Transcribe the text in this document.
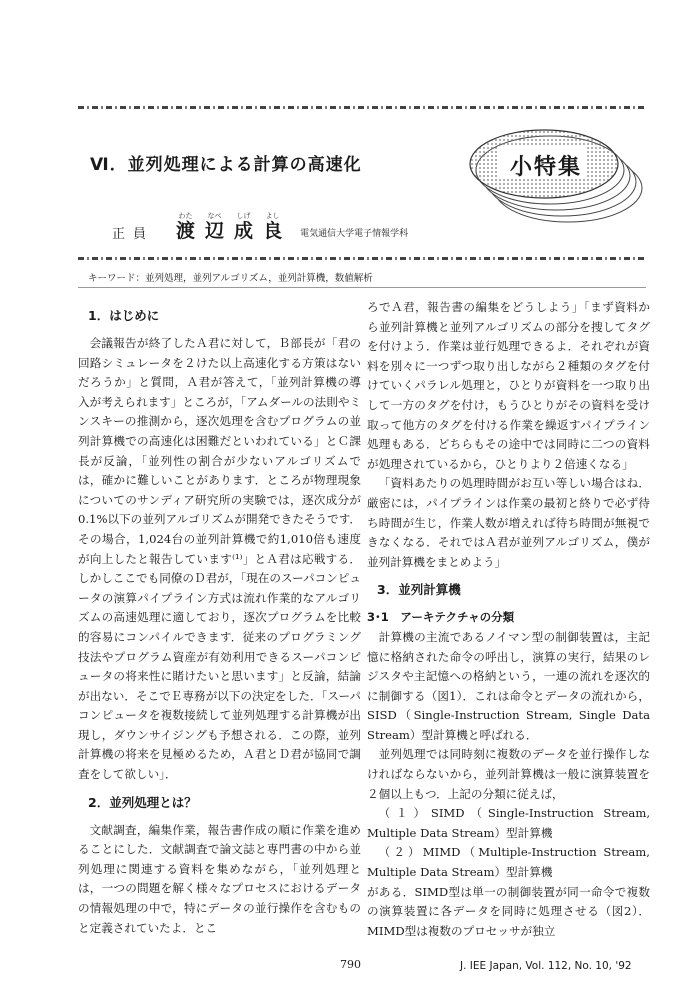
Ⅵ．並列処理による計算の高速化	小特集
正員
わた
渡
なべ
辺
しげ
成
よし
良 電気通信大学電子情報学科
キーワード：並列処理，並列アルゴリズム，並列計算機，数値解析
1．はじめに

会議報告が終了したＡ君に対して，Ｂ部長が「君の回路シミュレータを２けた以上高速化する方策はないだろうか」と質問，Ａ君が答えて，「並列計算機の導入が考えられます」ところが，「アムダールの法則やミンスキーの推測から，逐次処理を含むプログラムの並列計算機での高速化は困難だといわれている」とＣ課長が反論，「並列性の割合が少ないアルゴリズムでは，確かに難しいことがあります．ところが物理現象についてのサンディア研究所の実験では，逐次成分が0.1%以下の並列アルゴリズムが開発できたそうです．その場合，1,024台の並列計算機で約1,010倍も速度が向上したと報告しています⁽¹⁾」とＡ君は応戦する．しかしここでも同僚のＤ君が，「現在のスーパコンピュータの演算パイプライン方式は流れ作業的なアルゴリズムの高速処理に適しており，逐次プログラムを比較的容易にコンパイルできます．従来のプログラミング技法やプログラム資産が有効利用できるスーパコンピュータの将来性に賭けたいと思います」と反論，結論が出ない．そこでＥ専務が以下の決定をした．「スーパコンピュータを複数接続して並列処理する計算機が出現し，ダウンサイジングも予想される．この際，並列計算機の将来を見極めるため，Ａ君とＤ君が協同で調査をして欲しい」．

2．並列処理とは？

文献調査，編集作業，報告書作成の順に作業を進めることにした．文献調査で論文誌と専門書の中から並列処理に関連する資料を集めながら，「並列処理とは，一つの問題を解く様々なプロセスにおけるデータの情報処理の中で，特にデータの並行操作を含むものと定義されていたよ．とこ

ろでＡ君，報告書の編集をどうしよう」「まず資料から並列計算機と並列アルゴリズムの部分を捜してタグを付けよう．作業は並行処理できるよ．それぞれが資料を別々に一つずつ取り出しながら２種類のタグを付けていくパラレル処理と，ひとりが資料を一つ取り出して一方のタグを付け，もうひとりがその資料を受け取って他方のタグを付ける作業を繰返すパイプライン処理もある．どちらもその途中では同時に二つの資料が処理されているから，ひとりより２倍速くなる」

「資料あたりの処理時間がお互い等しい場合はね．厳密には，パイプラインは作業の最初と終りで必ず待ち時間が生じ，作業人数が増えれば待ち時間が無視できなくなる．それではＡ君が並列アルゴリズム，僕が並列計算機をまとめよう」

3．並列計算機
3･1　アーキテクチャの分類

計算機の主流であるノイマン型の制御装置は，主記憶に格納された命令の呼出し，演算の実行，結果のレジスタや主記憶への格納という，一連の流れを逐次的に制御する（図1）．これは命令とデータの流れから，SISD（Single-Instruction Stream, Single Data Stream）型計算機と呼ばれる．

並列処理では同時刻に複数のデータを並行操作しなければならないから，並列計算機は一般に演算装置を２個以上もつ．上記の分類に従えば，

（１）SIMD（Single-Instruction Stream, Multiple Data Stream）型計算機

（２）MIMD（Multiple-Instruction Stream, Multiple Data Stream）型計算機

がある．SIMD型は単一の制御装置が同一命令で複数の演算装置に各データを同時に処理させる（図2）．MIMD型は複数のプロセッサが独立

790	J. IEE Japan, Vol. 112, No. 10, '92
